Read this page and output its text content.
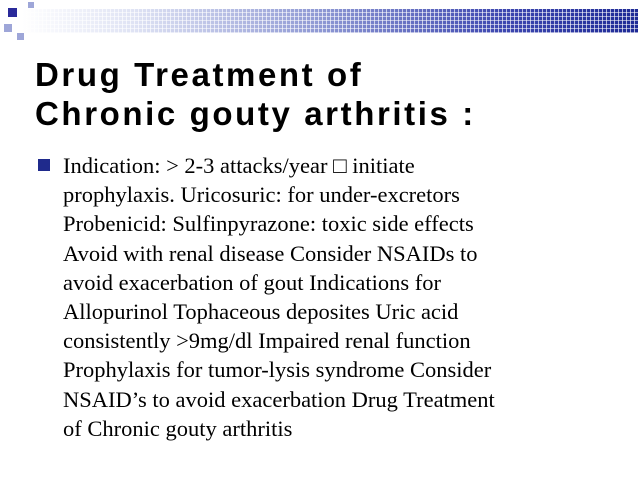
Drug Treatment of
Chronic gouty arthritis :

Indication: > 2-3 attacks/year □ initiate
prophylaxis. Uricosuric: for under-excretors
Probenicid: Sulfinpyrazone: toxic side effects
Avoid with renal disease Consider NSAIDs to
avoid exacerbation of gout Indications for
Allopurinol Tophaceous deposites Uric acid
consistently >9mg/dl Impaired renal function
Prophylaxis for tumor-lysis syndrome Consider
NSAID’s to avoid exacerbation Drug Treatment
of Chronic gouty arthritis
